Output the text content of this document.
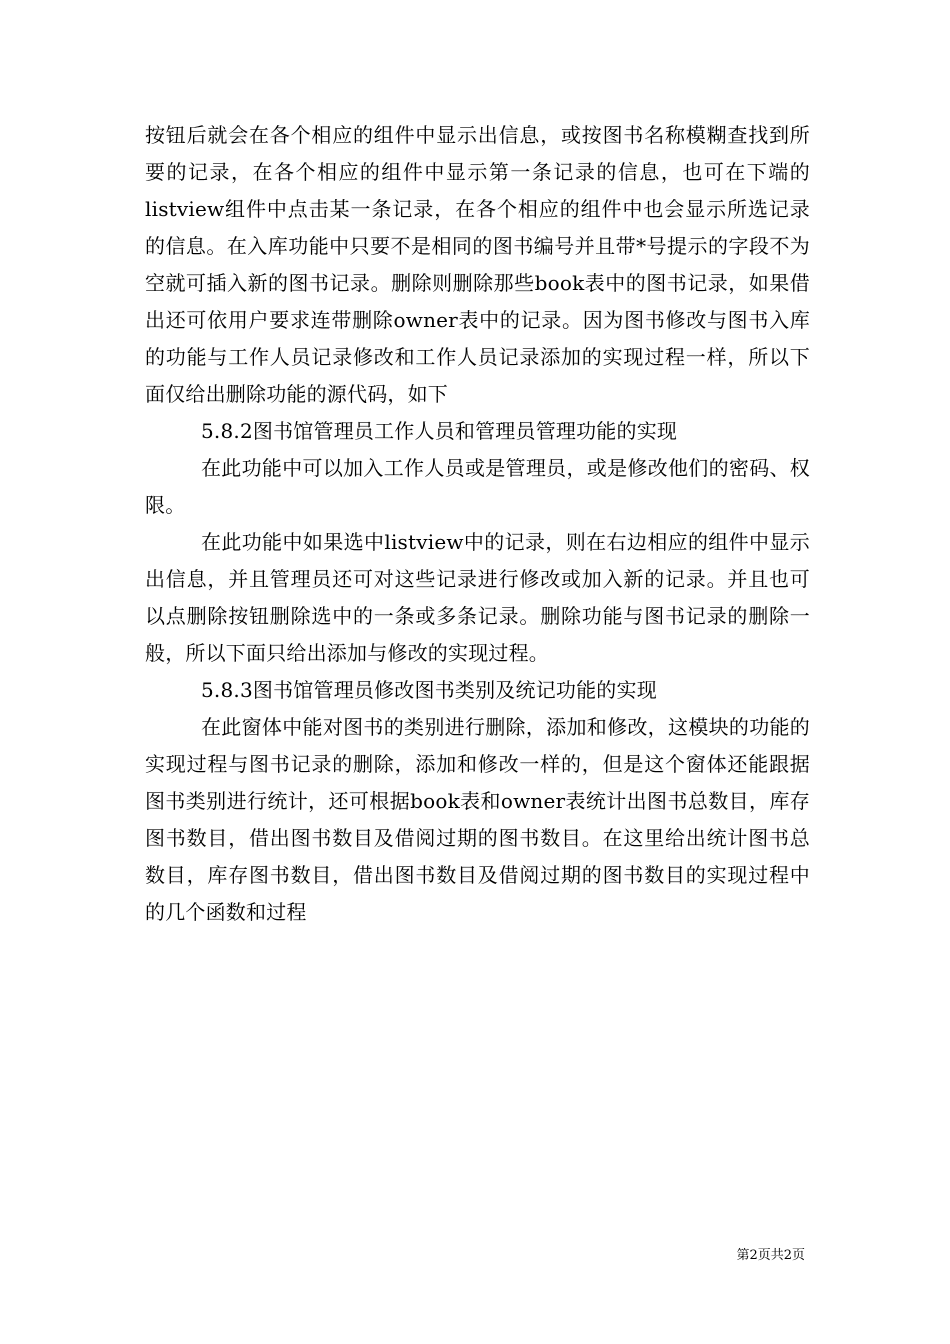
按钮后就会在各个相应的组件中显示出信息，或按图书名称模糊查找到所要的记录，在各个相应的组件中显示第一条记录的信息，也可在下端的listview组件中点击某一条记录，在各个相应的组件中也会显示所选记录的信息。在入库功能中只要不是相同的图书编号并且带*号提示的字段不为空就可插入新的图书记录。删除则删除那些book表中的图书记录，如果借出还可依用户要求连带删除owner表中的记录。因为图书修改与图书入库的功能与工作人员记录修改和工作人员记录添加的实现过程一样，所以下面仅给出删除功能的源代码，如下

5.8.2图书馆管理员工作人员和管理员管理功能的实现

在此功能中可以加入工作人员或是管理员，或是修改他们的密码、权限。

在此功能中如果选中listview中的记录，则在右边相应的组件中显示出信息，并且管理员还可对这些记录进行修改或加入新的记录。并且也可以点删除按钮删除选中的一条或多条记录。删除功能与图书记录的删除一般，所以下面只给出添加与修改的实现过程。

5.8.3图书馆管理员修改图书类别及统记功能的实现

在此窗体中能对图书的类别进行删除，添加和修改，这模块的功能的实现过程与图书记录的删除，添加和修改一样的，但是这个窗体还能跟据图书类别进行统计，还可根据book表和owner表统计出图书总数目，库存图书数目，借出图书数目及借阅过期的图书数目。在这里给出统计图书总数目，库存图书数目，借出图书数目及借阅过期的图书数目的实现过程中的几个函数和过程

第2页共2页
